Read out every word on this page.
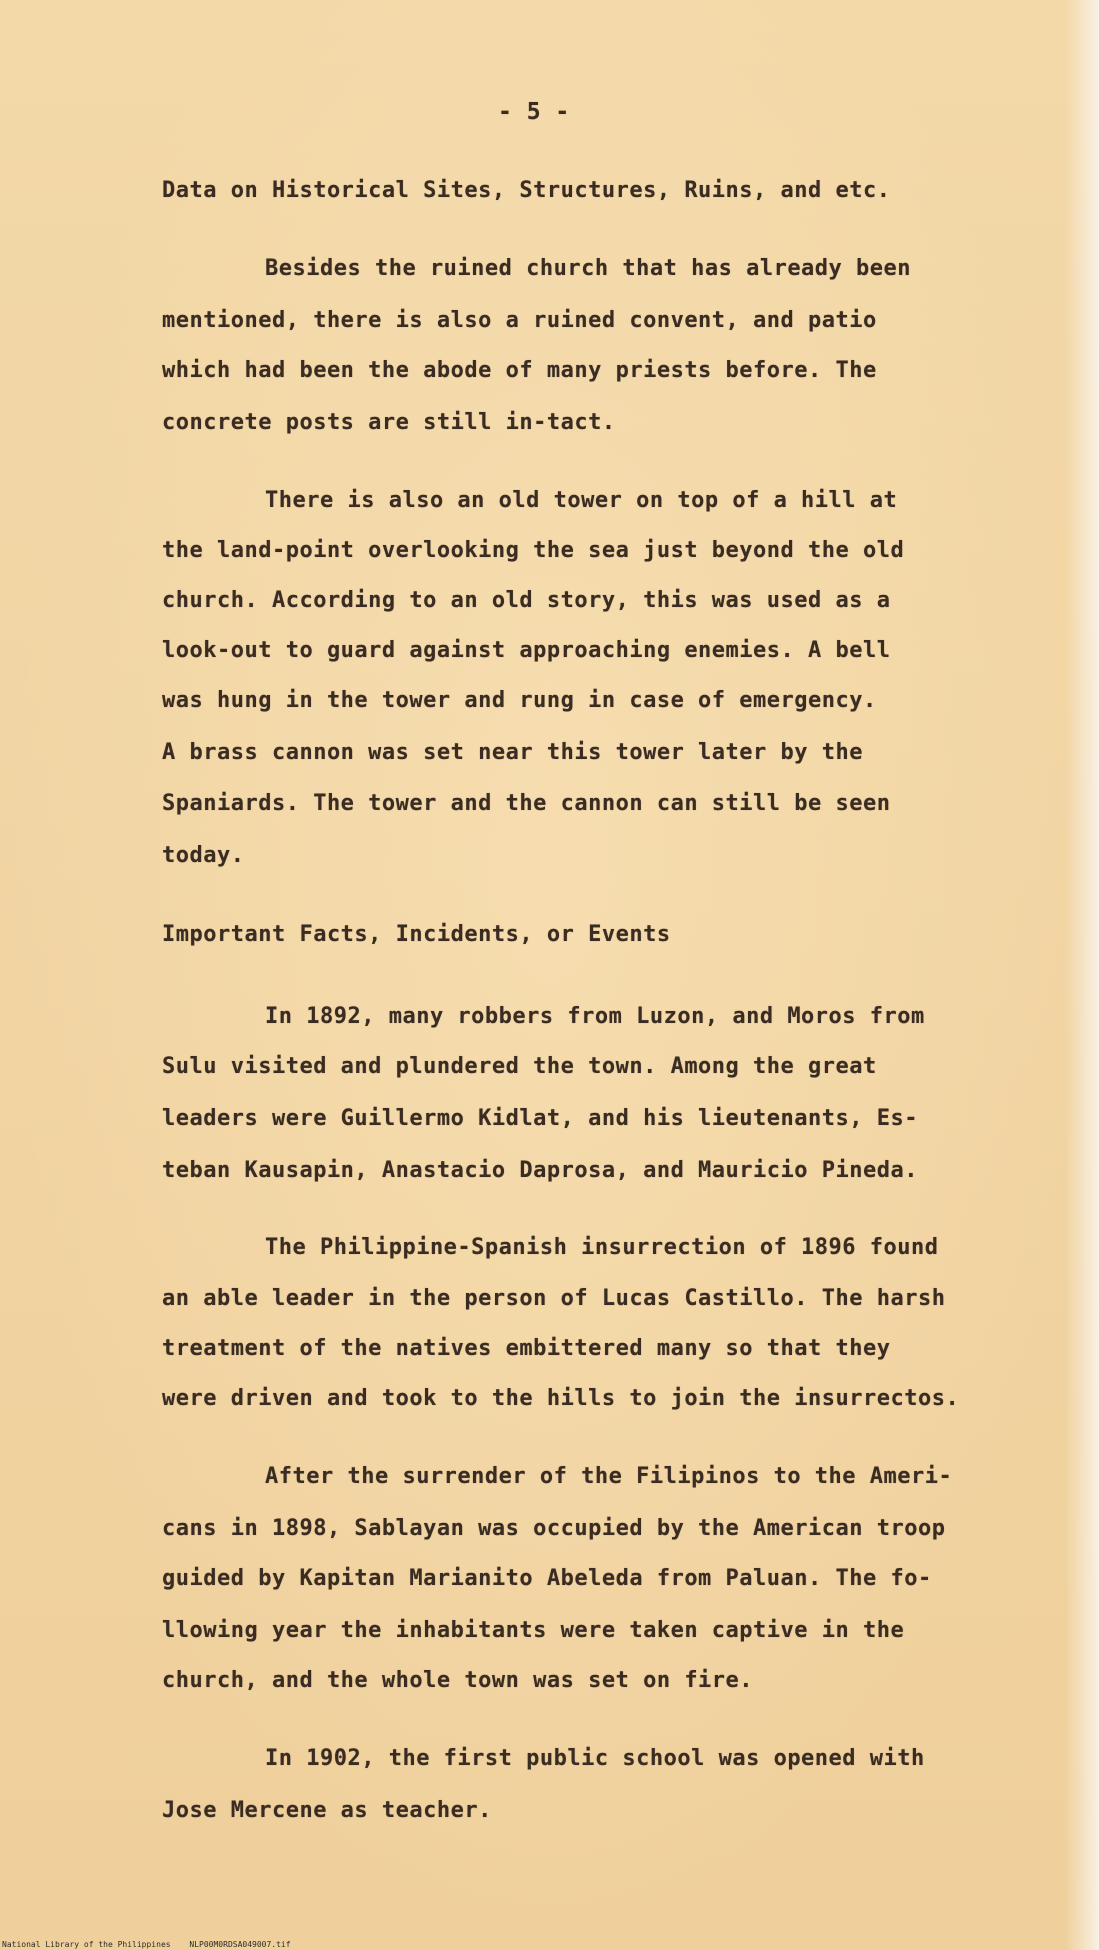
- 5 -
Data on Historical Sites, Structures, Ruins, and etc.
Besides the ruined church that has already been
mentioned, there is also a ruined convent, and patio
which had been the abode of many priests before. The
concrete posts are still in-tact.
There is also an old tower on top of a hill at
the land-point overlooking the sea just beyond the old
church. According to an old story, this was used as a
look-out to guard against approaching enemies. A bell
was hung in the tower and rung in case of emergency.
A brass cannon was set near this tower later by the
Spaniards. The tower and the cannon can still be seen
today.
Important Facts, Incidents, or Events
In 1892, many robbers from Luzon, and Moros from
Sulu visited and plundered the town. Among the great
leaders were Guillermo Kidlat, and his lieutenants, Es-
teban Kausapin, Anastacio Daprosa, and Mauricio Pineda.
The Philippine-Spanish insurrection of 1896 found
an able leader in the person of Lucas Castillo. The harsh
treatment of the natives embittered many so that they
were driven and took to the hills to join the insurrectos.
After the surrender of the Filipinos to the Ameri-
cans in 1898, Sablayan was occupied by the American troop
guided by Kapitan Marianito Abeleda from Paluan. The fo-
llowing year the inhabitants were taken captive in the
church, and the whole town was set on fire.
In 1902, the first public school was opened with
Jose Mercene as teacher.
National Library of the Philippines NLP00M0RDSA049007.tif
